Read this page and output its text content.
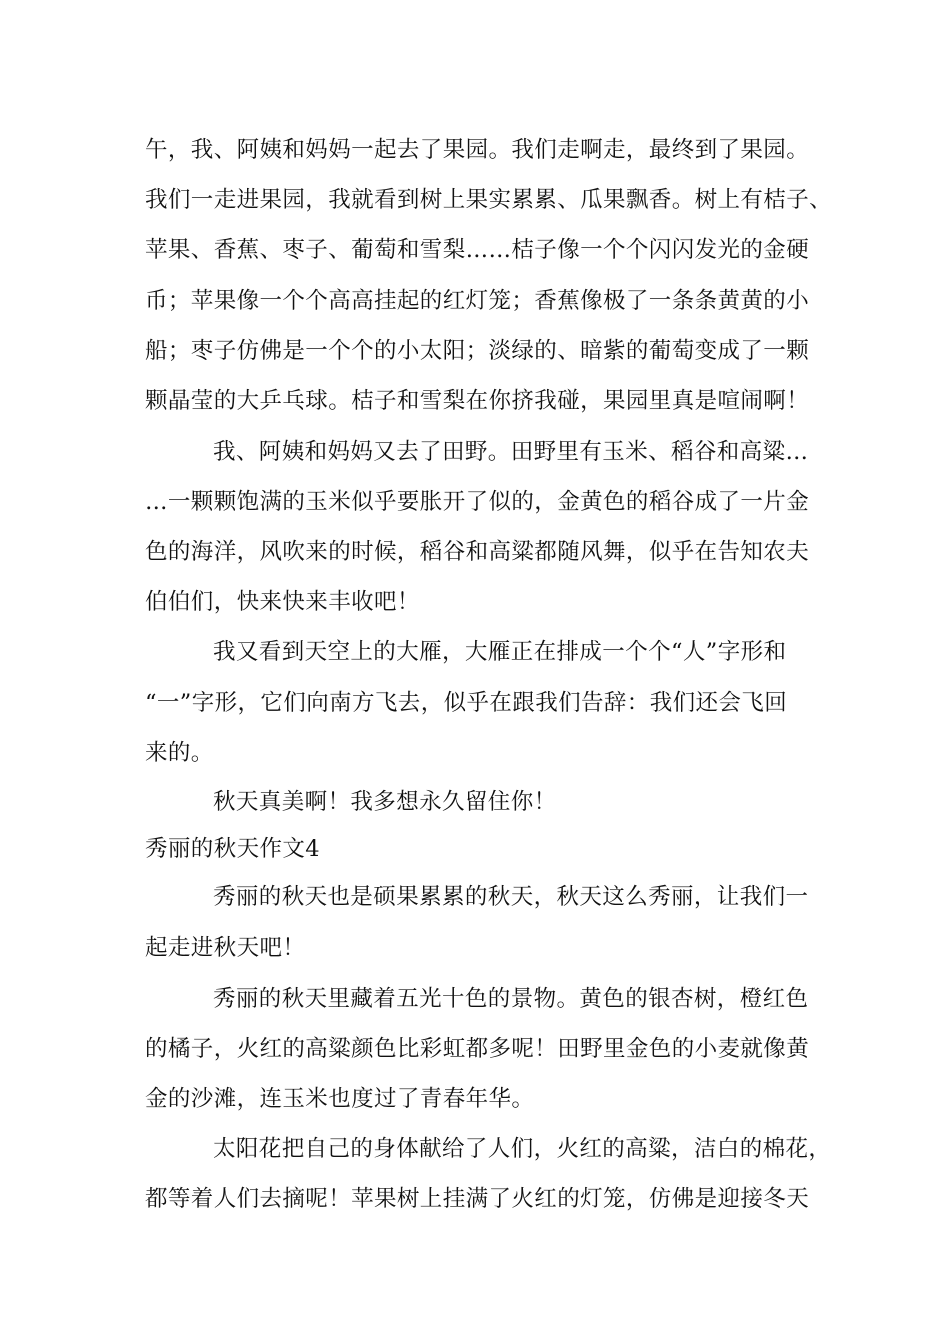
午，我、阿姨和妈妈一起去了果园。我们走啊走，最终到了果园。
我们一走进果园，我就看到树上果实累累、瓜果飘香。树上有桔子、
苹果、香蕉、枣子、葡萄和雪梨……桔子像一个个闪闪发光的金硬
币；苹果像一个个高高挂起的红灯笼；香蕉像极了一条条黄黄的小
船；枣子仿佛是一个个的小太阳；淡绿的、暗紫的葡萄变成了一颗
颗晶莹的大乒乓球。桔子和雪梨在你挤我碰，果园里真是喧闹啊！
我、阿姨和妈妈又去了田野。田野里有玉米、稻谷和高粱…
…一颗颗饱满的玉米似乎要胀开了似的，金黄色的稻谷成了一片金
色的海洋，风吹来的时候，稻谷和高粱都随风舞，似乎在告知农夫
伯伯们，快来快来丰收吧！
我又看到天空上的大雁，大雁正在排成一个个“人”字形和
“一”字形，它们向南方飞去，似乎在跟我们告辞：我们还会飞回
来的。
秋天真美啊！我多想永久留住你！
秀丽的秋天作文4
秀丽的秋天也是硕果累累的秋天，秋天这么秀丽，让我们一
起走进秋天吧！
秀丽的秋天里藏着五光十色的景物。黄色的银杏树，橙红色
的橘子，火红的高粱颜色比彩虹都多呢！田野里金色的小麦就像黄
金的沙滩，连玉米也度过了青春年华。
太阳花把自己的身体献给了人们，火红的高粱，洁白的棉花，
都等着人们去摘呢！苹果树上挂满了火红的灯笼，仿佛是迎接冬天
